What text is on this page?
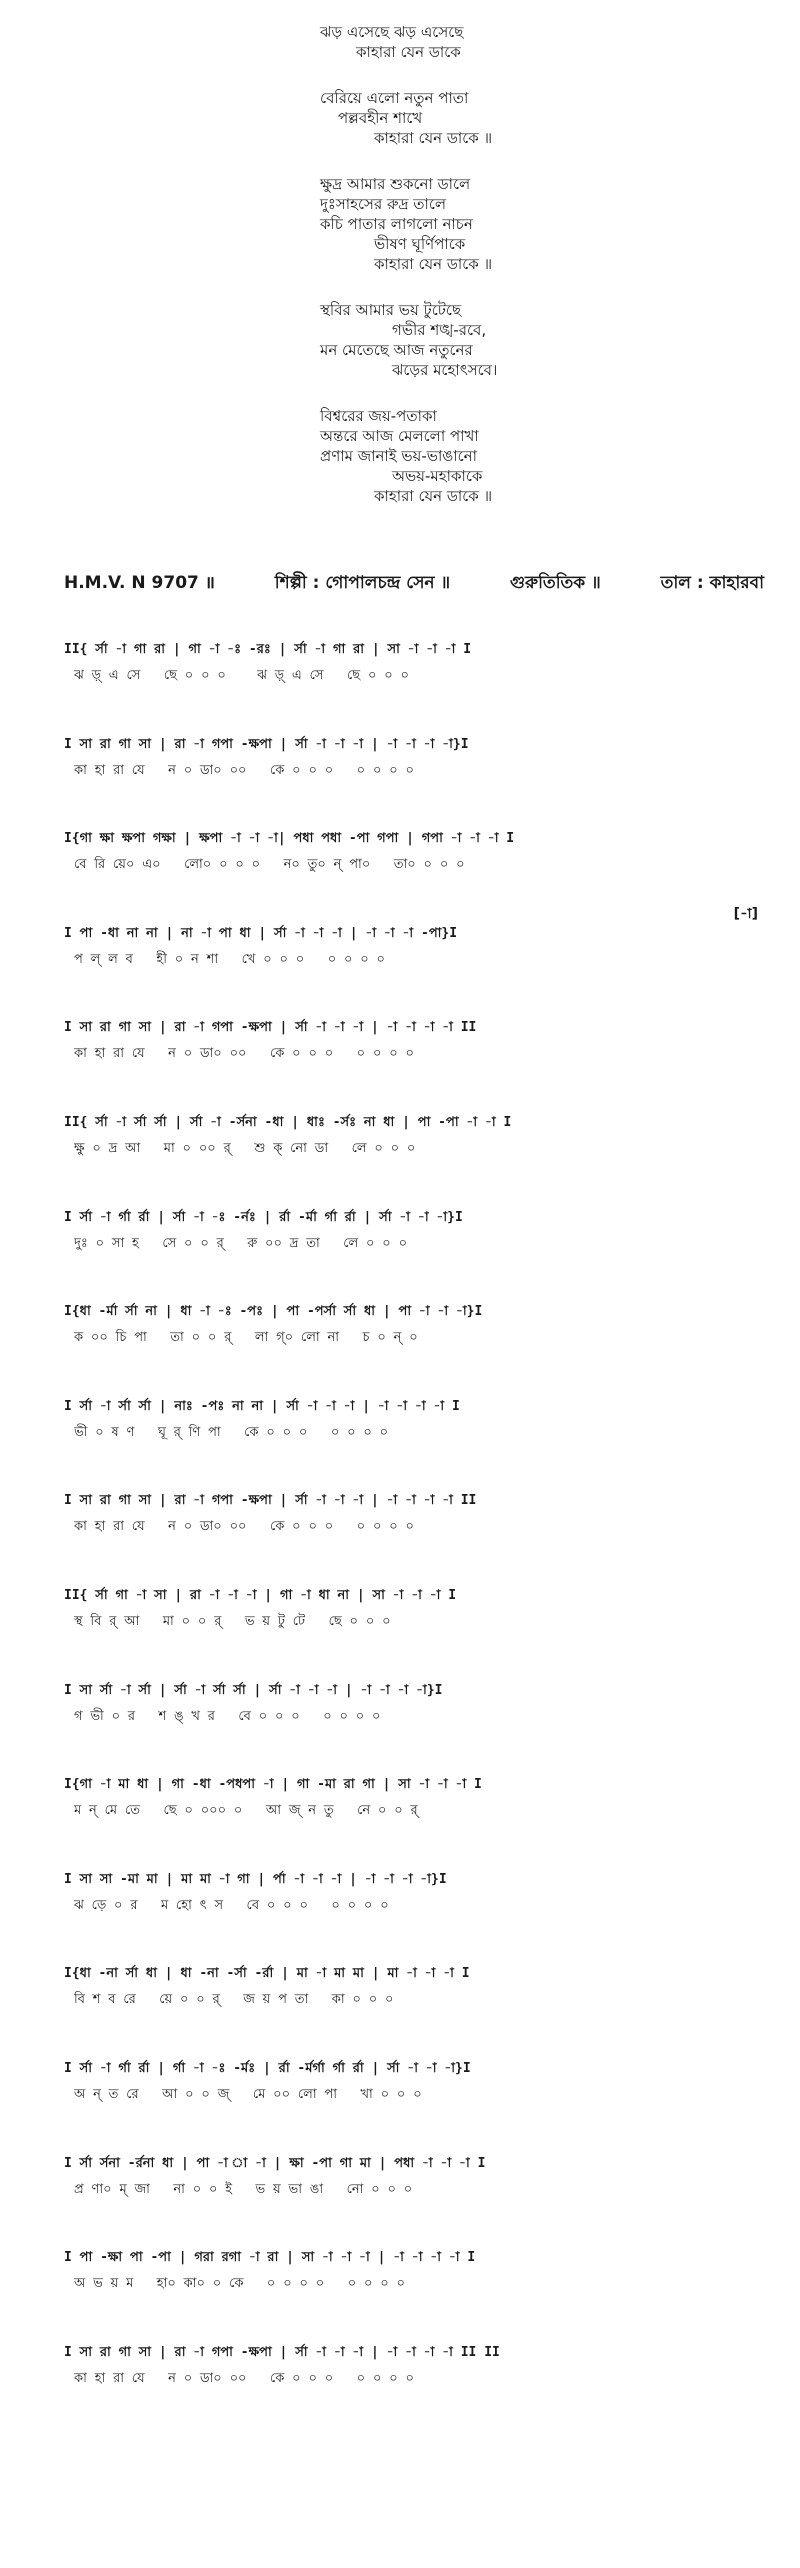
ঝড় এসেছে ঝড় এসেছে
কাহারা যেন ডাকে
বেরিয়ে এলো নতুন পাতা
পল্লবহীন শাখে
কাহারা যেন ডাকে ॥
ক্ষুদ্র আমার শুকনো ডালে
দুঃসাহসের রুদ্র তালে
কচি পাতার লাগলো নাচন
ভীষণ ঘূর্ণিপাকে
কাহারা যেন ডাকে ॥
স্থবির আমার ভয় টুটেছে
গভীর শঙ্খ-রবে,
মন মেতেছে আজ নতুনের
ঝড়ের মহোৎসবে।
বিশ্বরের জয়-পতাকা
অন্তরে আজ মেললো পাখা
প্রণাম জানাই ভয়-ভাঙানো
অভয়-মহাকাকে
কাহারা যেন ডাকে ॥
H.M.V. N 9707 ॥	শিল্পী : গোপালচন্দ্র সেন ॥	গুরুতিতিক ॥	তাল : কাহারবা
II{ র্সা -া গা রা | গা -া -ঃ -রঃ | র্সা -া গা রা | সা -া -া -া I
ঝ ড়্ এ সে   ছে ০ ০ ০    ঝ ড়্ এ সে   ছে ০ ০ ০
I সা রা গা সা | রা -া গপা -ক্ষপা | র্সা -া -া -া | -া -া -া -া}I
কা হা রা যে   ন ০ ডা০ ০০   কে ০ ০ ০   ০ ০ ০ ০
I{গা ক্ষা ক্ষপা গক্ষা | ক্ষপা -া -া -া| পধা পধা -পা গপা | গপা -া -া -া I
বে রি য়ে০ এ০   লো০ ০ ০ ০   ন০ তু০ ন্ পা০   তা০ ০ ০ ০
I পা -ধা না না | না -া পা ধা | র্সা -া -া -া | -া -া -া -পা}I
প ল্ ল ব   হী ০ ন শা   খে ০ ০ ০   ০ ০ ০ ০
[-া]
I সা রা গা সা | রা -া গপা -ক্ষপা | র্সা -া -া -া | -া -া -া -া II
কা হা রা যে   ন ০ ডা০ ০০   কে ০ ০ ০   ০ ০ ০ ০
II{ র্সা -া র্সা র্সা | র্সা -া -র্সনা -ধা | ধাঃ -র্সঃ না ধা | পা -পা -া -া I
ক্ষু ০ দ্র আ   মা ০ ০০ র্   শু ক্ নো ডা   লে ০ ০ ০
I র্সা -া র্গা র্রা | র্সা -া -ঃ -র্নঃ | র্রা -র্মা র্গা র্রা | র্সা -া -া -া}I
দুঃ ০ সা হ   সে ০ ০ র্   রু ০০ দ্র তা   লে ০ ০ ০
I{ধা -র্মা র্সা না | ধা -া -ঃ -পঃ | পা -পর্সা র্সা ধা | পা -া -া -া}I
ক ০০ চি পা   তা ০ ০ র্   লা গ্০ লো না   চ ০ ন্ ০
I র্সা -া র্সা র্সা | নাঃ -পঃ না না | র্সা -া -া -া | -া -া -া -া I
ভী ০ ষ ণ   ঘূ র্ ণি পা   কে ০ ০ ০   ০ ০ ০ ০
I সা রা গা সা | রা -া গপা -ক্ষপা | র্সা -া -া -া | -া -া -া -া II
কা হা রা যে   ন ০ ডা০ ০০   কে ০ ০ ০   ০ ০ ০ ০
II{ র্সা গা -া সা | রা -া -া -া | গা -া ধা না | সা -া -া -া I
স্থ বি র্ আ   মা ০ ০ র্   ভ য় টু টে   ছে ০ ০ ০
I সা র্সা -া র্সা | র্সা -া র্সা র্সা | র্সা -া -া -া | -া -া -া -া}I
গ ভী ০ র   শ ঙ্ খ র   বে ০ ০ ০   ০ ০ ০ ০
I{গা -া মা ধা | গা -ধা -পধপা -া | গা -মা রা গা | সা -া -া -া I
ম ন্ মে তে   ছে ০ ০০০ ০   আ জ্ ন তু   নে ০ ০ র্
I সা সা -মা মা | মা মা -া গা | র্পা -া -া -া | -া -া -া -া}I
ঝ ড়ে ০ র   ম হো ৎ স   বে ০ ০ ০   ০ ০ ০ ০
I{ধা -না র্সা ধা | ধা -না -র্সা -র্রা | মা -া মা মা | মা -া -া -া I
বি শ ব রে   য়ে ০ ০ র্   জ য় প তা   কা ০ ০ ০
I র্সা -া র্গা র্রা | র্গা -া -ঃ -র্মঃ | র্রা -র্মর্গা র্গা র্রা | র্সা -া -া -া}I
অ ন্ ত রে   আ ০ ০ জ্   মে ০০ লো পা   খা ০ ০ ০
I র্সা র্সনা -র্রনা ধা | পা -া া -া | ক্ষা -পা গা মা | পধা -া -া -া I
প্র ণা০ ম্ জা   না ০ ০ ই   ভ য় ভা ঙা   নো ০ ০ ০
I পা -ক্ষা পা -পা | গরা রগা -া রা | সা -া -া -া | -া -া -া -া I
অ ভ য় ম   হা০ কা০ ০ কে   ০ ০ ০ ০   ০ ০ ০ ০
I সা রা গা সা | রা -া গপা -ক্ষপা | র্সা -া -া -া | -া -া -া -া II II
কা হা রা যে   ন ০ ডা০ ০০   কে ০ ০ ০   ০ ০ ০ ০
